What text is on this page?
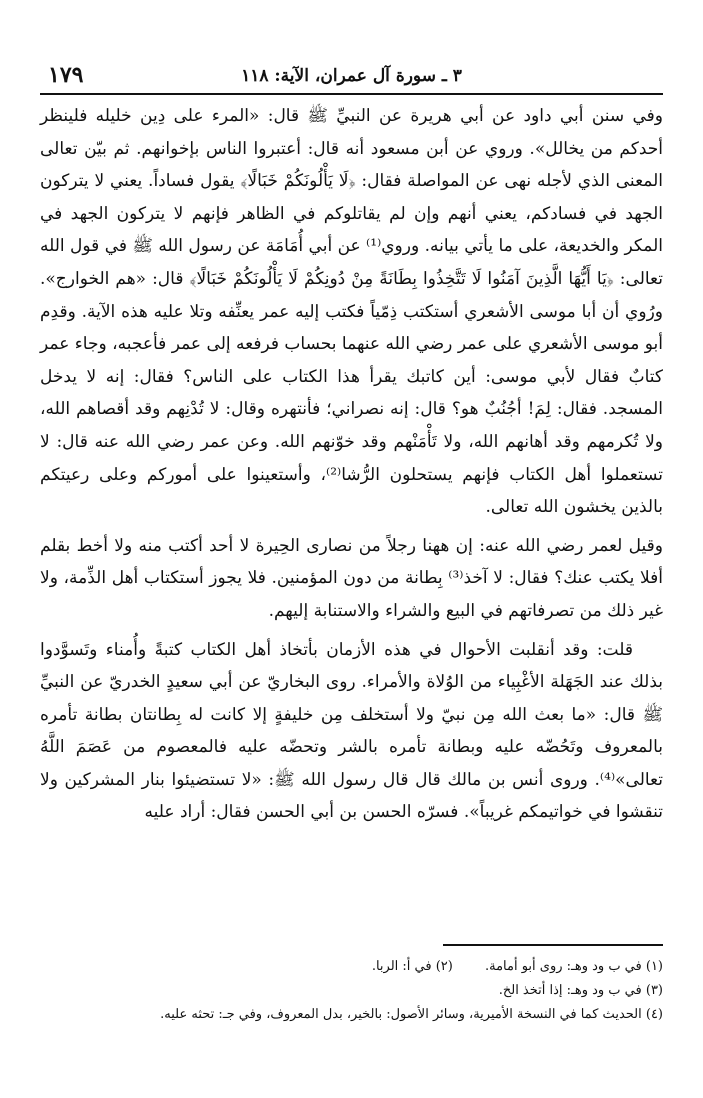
٣ ـ سورة آل عمران، الآية: ١١٨
١٧٩

وفي سنن أبي داود عن أبي هريرة عن النبيِّ ﷺ قال: «المرء على دِين خليله فلينظر أحدكم من يخالل». وروي عن أبن مسعود أنه قال: أعتبروا الناس بإخوانهم. ثم بيّن تعالى المعنى الذي لأجله نهى عن المواصلة فقال: ﴿لَا يَأْلُونَكُمْ خَبَالًا﴾ يقول فساداً. يعني لا يتركون الجهد في فسادكم، يعني أنهم وإن لم يقاتلوكم في الظاهر فإنهم لا يتركون الجهد في المكر والخديعة، على ما يأتي بيانه. وروي⁽¹⁾ عن أبي أُمَامَة عن رسول الله ﷺ في قول الله تعالى: ﴿يَا أَيُّهَا الَّذِينَ آمَنُوا لَا تَتَّخِذُوا بِطَانَةً مِنْ دُونِكُمْ لَا يَأْلُونَكُمْ خَبَالًا﴾ قال: «هم الخوارج». ورُوي أن أبا موسى الأشعري أستكتب ذِمّياً فكتب إليه عمر يعنِّفه وتلا عليه هذه الآية. وقدِم أبو موسى الأشعري على عمر رضي الله عنهما بحساب فرفعه إلى عمر فأعجبه، وجاء عمر كتابٌ فقال لأبي موسى: أين كاتبك يقرأ هذا الكتاب على الناس؟ فقال: إنه لا يدخل المسجد. فقال: لِمَ! أجُنُبٌ هو؟ قال: إنه نصراني؛ فأنتهره وقال: لا تُدْنِهم وقد أقصاهم الله، ولا تُكرمهم وقد أهانهم الله، ولا تَأْمَنْهم وقد خوّنهم الله. وعن عمر رضي الله عنه قال: لا تستعملوا أهل الكتاب فإنهم يستحلون الرُّشا⁽²⁾، وأستعينوا على أموركم وعلى رعيتكم بالذين يخشون الله تعالى.

وقيل لعمر رضي الله عنه: إن ههنا رجلاً من نصارى الحِيرة لا أحد أكتب منه ولا أخط بقلم أفلا يكتب عنك؟ فقال: لا آخذ⁽³⁾ بِطانة من دون المؤمنين. فلا يجوز أستكتاب أهل الذِّمة، ولا غير ذلك من تصرفاتهم في البيع والشراء والاستنابة إليهم.

قلت: وقد أنقلبت الأحوال في هذه الأزمان بأتخاذ أهل الكتاب كتبةً وأُمناء وتَسوَّدوا بذلك عند الجَهَلة الأغْبِياء من الوُلاة والأمراء. روى البخاريّ عن أبي سعيدٍ الخدريّ عن النبيِّ ﷺ قال: «ما بعث الله مِن نبيّ ولا أستخلف مِن خليفةٍ إلا كانت له بِطانتان بطانة تأمره بالمعروف وتَحُضّه عليه وبطانة تأمره بالشر وتحضّه عليه فالمعصوم من عَصَمَ اللَّهُ تعالى»⁽⁴⁾. وروى أنس بن مالك قال قال رسول الله ﷺ: «لا تستضيئوا بنار المشركين ولا تنقشوا في خواتيمكم غريباً». فسرّه الحسن بن أبي الحسن فقال: أراد عليه

(١) في ب ود وهـ: روى أبو أمامة. (٢) في أ: الربا.
(٣) في ب ود وهـ: إذا أتخذ الخ.
(٤) الحديث كما في النسخة الأميرية، وسائر الأصول: بالخير، بدل المعروف، وفي جـ: تحثه عليه.
